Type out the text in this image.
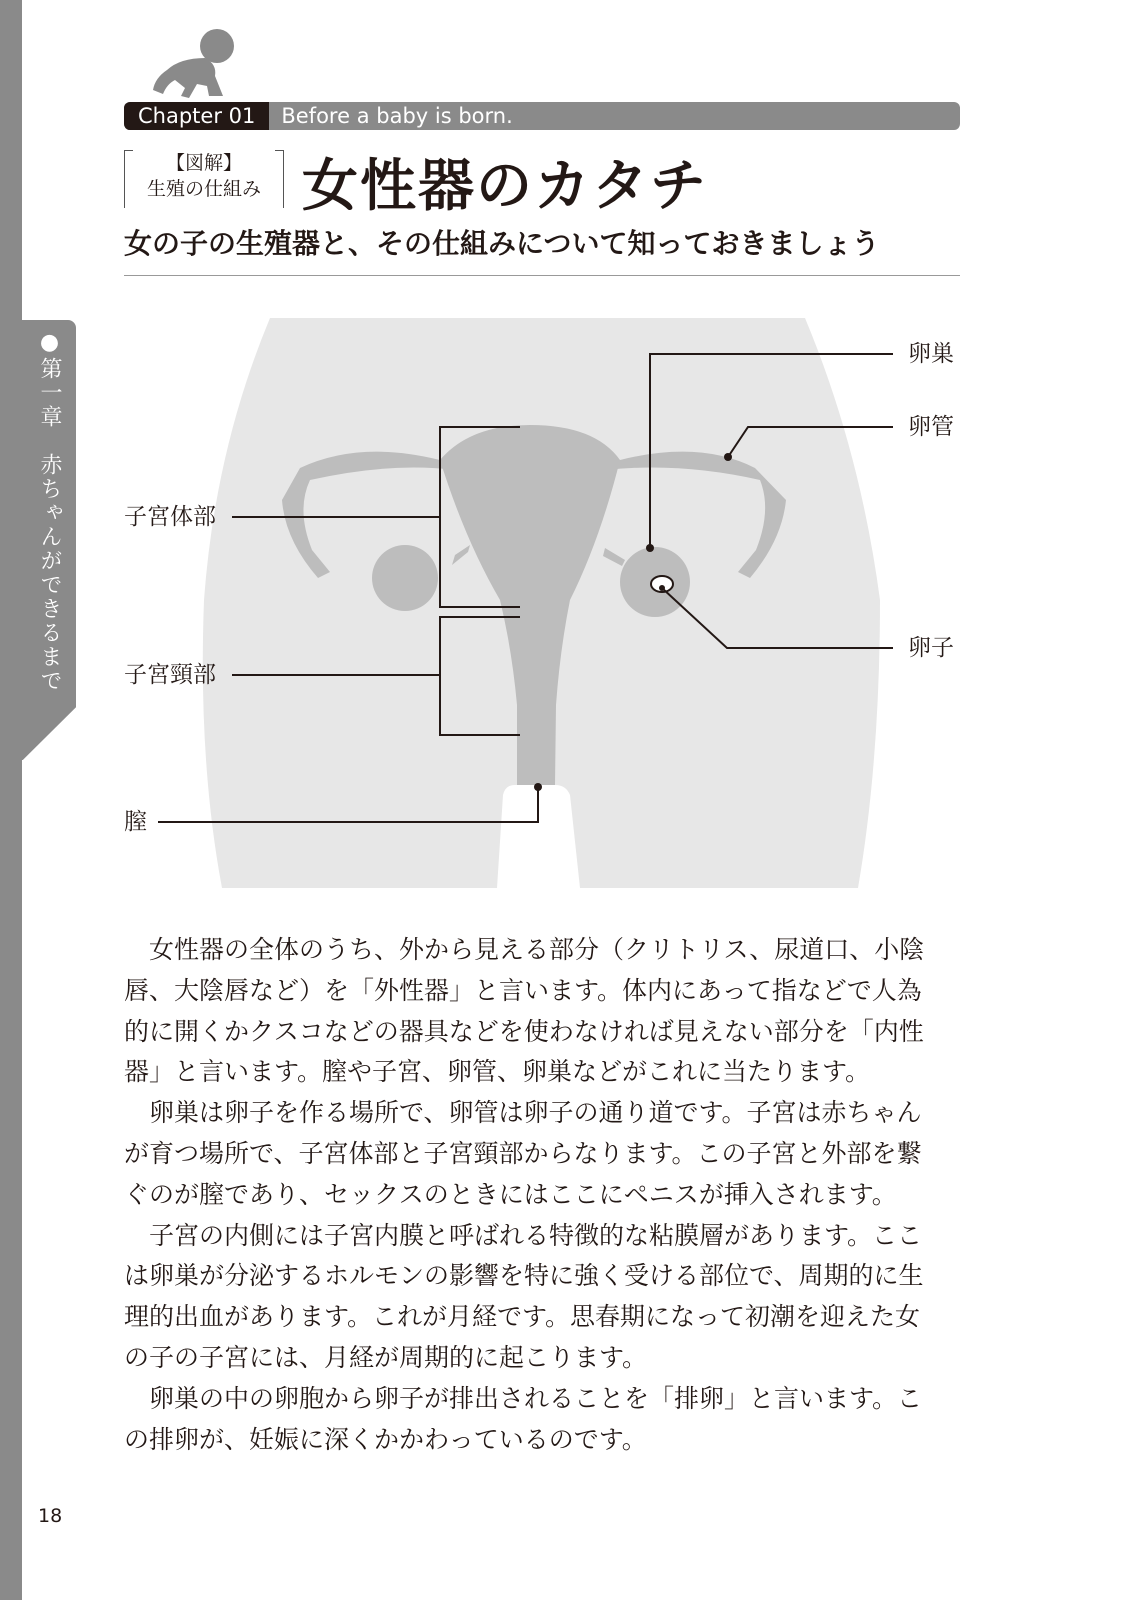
●第一章　赤ちゃんができるまで
Chapter 01	Before a baby is born.
【図解】
生殖の仕組み 女性器のカタチ
女の子の生殖器と、その仕組みについて知っておきましょう
卵巣
卵管
卵子
子宮体部
子宮頸部
膣
　女性器の全体のうち、外から見える部分（クリトリス、尿道口、小陰
唇、大陰唇など）を「外性器」と言います。体内にあって指などで人為
的に開くかクスコなどの器具などを使わなければ見えない部分を「内性
器」と言います。膣や子宮、卵管、卵巣などがこれに当たります。
　卵巣は卵子を作る場所で、卵管は卵子の通り道です。子宮は赤ちゃん
が育つ場所で、子宮体部と子宮頸部からなります。この子宮と外部を繋
ぐのが膣であり、セックスのときにはここにペニスが挿入されます。
　子宮の内側には子宮内膜と呼ばれる特徴的な粘膜層があります。ここ
は卵巣が分泌するホルモンの影響を特に強く受ける部位で、周期的に生
理的出血があります。これが月経です。思春期になって初潮を迎えた女
の子の子宮には、月経が周期的に起こります。
　卵巣の中の卵胞から卵子が排出されることを「排卵」と言います。こ
の排卵が、妊娠に深くかかわっているのです。
18
